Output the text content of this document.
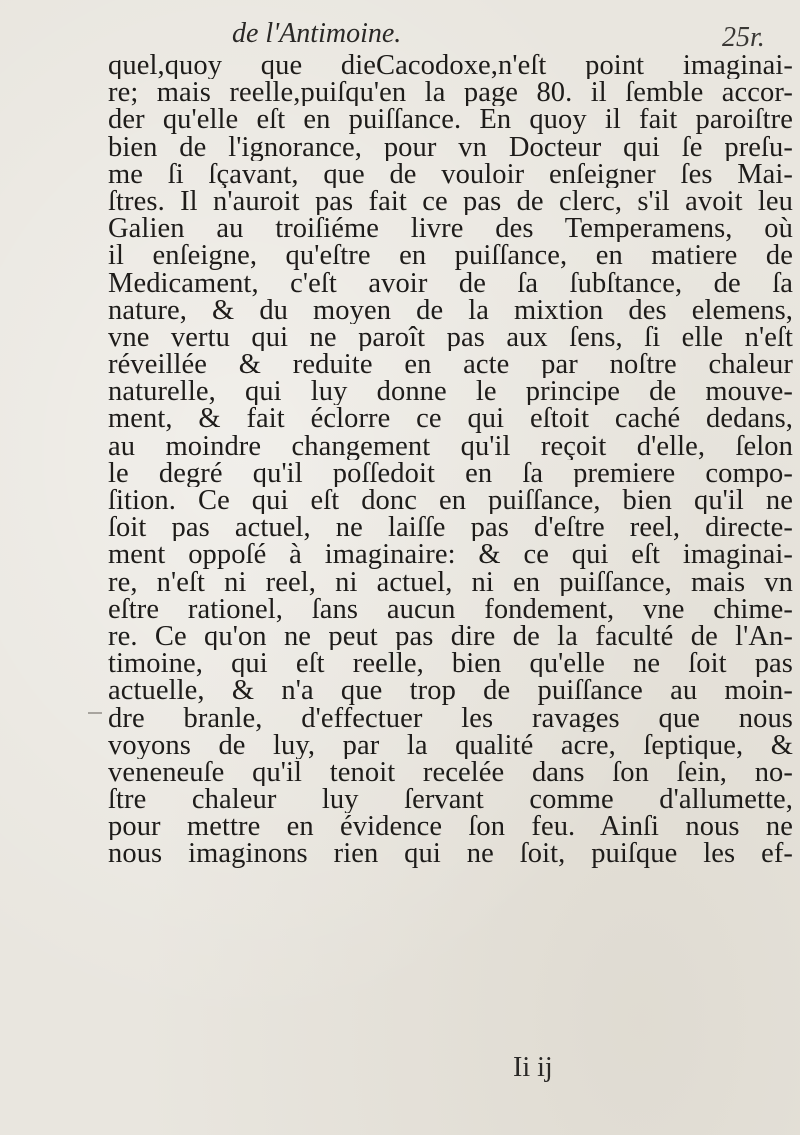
de l'Antimoine.	25r.
quel,quoy que dieCacodoxe,n'eſt point imaginai-
re; mais reelle,puiſqu'en la page 80. il ſemble accor-
der qu'elle eſt en puiſſance. En quoy il fait paroiſtre
bien de l'ignorance, pour vn Docteur qui ſe preſu-
me ſi ſçavant, que de vouloir enſeigner ſes Mai-
ſtres. Il n'auroit pas fait ce pas de clerc, s'il avoit leu
Galien au troiſiéme livre des Temperamens, où
il enſeigne, qu'eſtre en puiſſance, en matiere de
Medicament, c'eſt avoir de ſa ſubſtance, de ſa
nature, & du moyen de la mixtion des elemens,
vne vertu qui ne paroît pas aux ſens, ſi elle n'eſt
réveillée & reduite en acte par noſtre chaleur
naturelle, qui luy donne le principe de mouve-
ment, & fait éclorre ce qui eſtoit caché dedans,
au moindre changement qu'il reçoit d'elle, ſelon
le degré qu'il poſſedoit en ſa premiere compo-
ſition. Ce qui eſt donc en puiſſance, bien qu'il ne
ſoit pas actuel, ne laiſſe pas d'eſtre reel, directe-
ment oppoſé à imaginaire: & ce qui eſt imaginai-
re, n'eſt ni reel, ni actuel, ni en puiſſance, mais vn
eſtre rationel, ſans aucun fondement, vne chime-
re. Ce qu'on ne peut pas dire de la faculté de l'An-
timoine, qui eſt reelle, bien qu'elle ne ſoit pas
actuelle, & n'a que trop de puiſſance au moin-
dre branle, d'effectuer les ravages que nous
voyons de luy, par la qualité acre, ſeptique, &
veneneuſe qu'il tenoit recelée dans ſon ſein, no-
ſtre chaleur luy ſervant comme d'allumette,
pour mettre en évidence ſon feu. Ainſi nous ne
nous imaginons rien qui ne ſoit, puiſque les ef-
Ii ij
